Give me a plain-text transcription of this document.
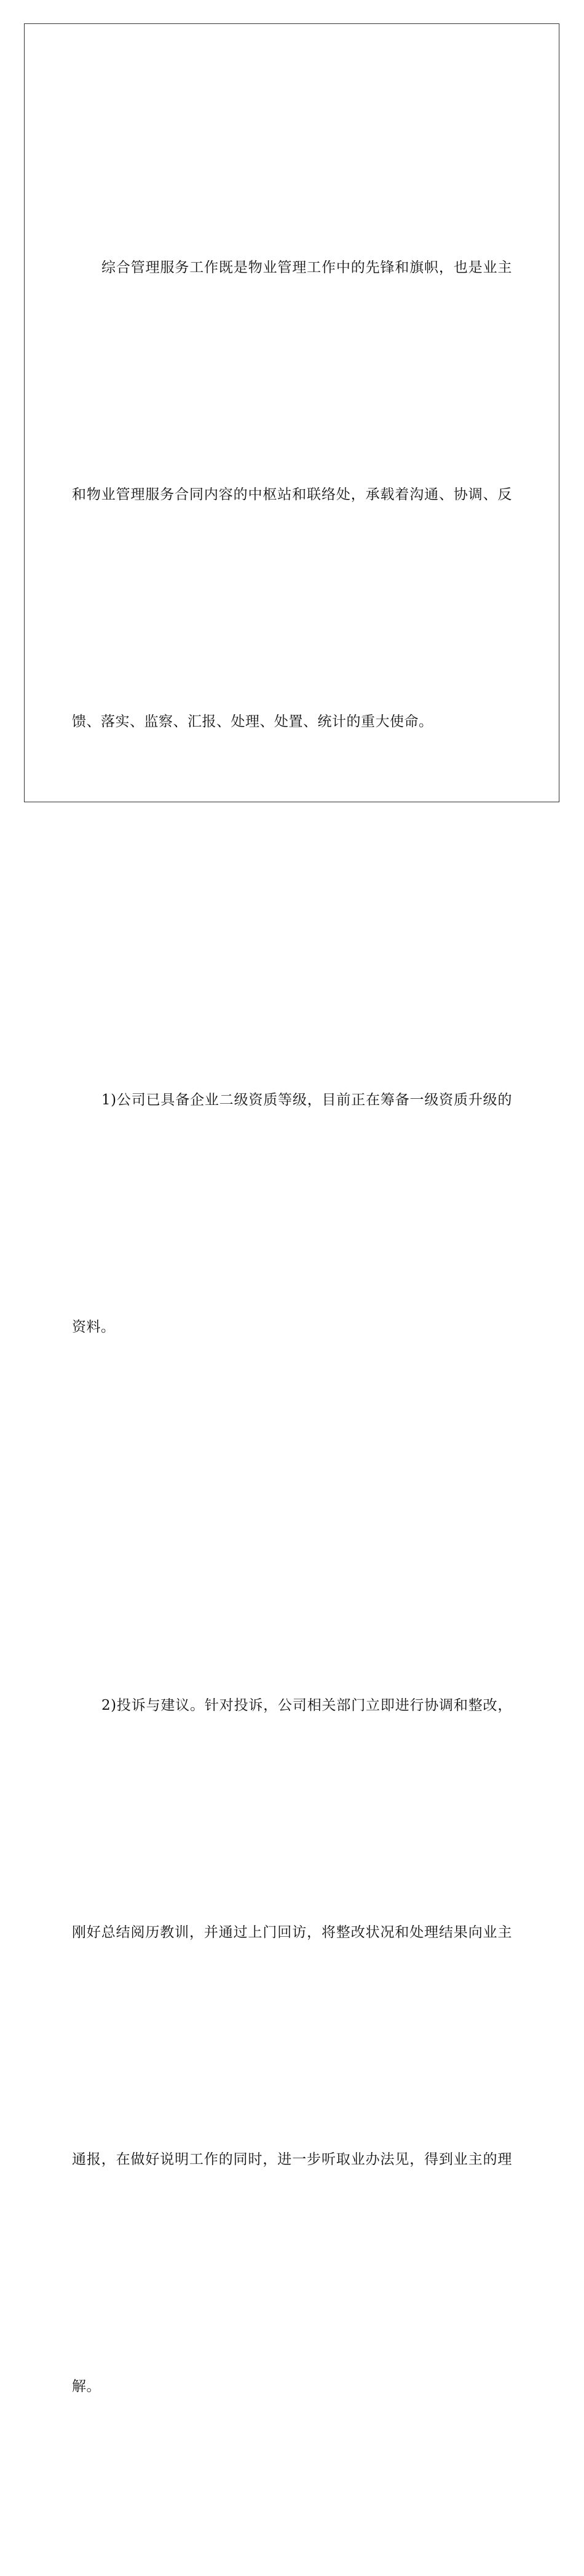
综合管理服务工作既是物业管理工作中的先锋和旗帜，也是业主

和物业管理服务合同内容的中枢站和联络处，承载着沟通、协调、反

馈、落实、监察、汇报、处理、处置、统计的重大使命。

1)公司已具备企业二级资质等级，目前正在筹备一级资质升级的

资料。

2)投诉与建议。针对投诉，公司相关部门立即进行协调和整改，

刚好总结阅历教训，并通过上门回访，将整改状况和处理结果向业主

通报，在做好说明工作的同时，进一步听取业办法见，得到业主的理

解。
